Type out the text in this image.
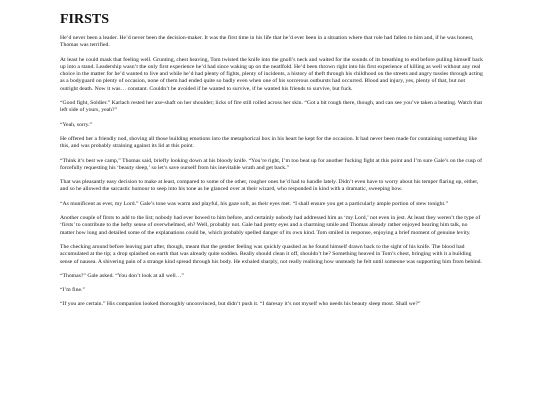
FIRSTS

He’d never been a leader. He’d never been the decision-maker. It was the first time in his life that he’d ever been in a situation where that role had fallen to him and, if he was honest, Thomas was terrified.

At least he could mask that feeling well. Grunting, chest heaving, Tom twisted the knife into the gnoll’s neck and waited for the sounds of its breathing to end before pulling himself back up into a stand. Leadership wasn’t the only first experience he’d had since waking up on the neatlfold. He’d been thrown right into his first experience of killing as well without any real choice in the matter for he’d wanted to live and while he’d had plenty of fights, plenty of incidents, a history of theft through his childhood on the streets and angry tussles through acting as a bodyguard on plenty of occasion, none of them had ended quite so badly even when one of his sorcerous outbursts had occurred. Blood and injury, yes, plenty of that, but not outright death. Now it was… constant. Couldn’t be avoided if he wanted to survive, if he wanted his friends to survive, but fuck.

“Good fight, Soldier.” Karlach rested her axe-shaft on her shoulder; licks of fire still rolled across her skin. “Got a bit rough there, though, and can see you’ve taken a beating. Watch that left side of yours, yeah?”

“Yeah, sorry.”

He offered her a friendly nod, shoving all those building emotions into the metaphorical box in his heart he kept for the occasion. It had never been made for containing something like this, and was probably straining against its lid at this point.

“Think it’s best we camp,” Thomas said, briefly looking down at his bloody knife. “You’re right, I’m too beat up for another fucking fight at this point and I’m sure Gale’s on the cusp of forcefully requesting his ‘beauty sleep,’ so let’s save ourself from his inevitable wrath and get back.”

That was pleasantly easy decision to make at least, compared to some of the other, rougher ones he’d had to handle lately. Didn’t even have to worry about his temper flaring up, either, and so he allowed the sarcastic humour to seep into his tone as he glanced over at their wizard, who responded in kind with a dramatic, sweeping bow.

“As munificent as ever, my Lord.” Gale’s tone was warm and playful, his gaze soft, as their eyes met. “I shall ensure you get a particularly ample portion of stew tonight.”

Another couple of firsts to add to the list; nobody had ever bowed to him before, and certainly nobody had addressed him as ‘my Lord,’ not even in jest. At least they weren’t the type of ‘firsts’ to contribute to the hefty sense of overwhelmed, eh? Well, probably not. Gale had pretty eyes and a charming smile and Thomas already rather enjoyed hearing him talk, no matter how long and detailed some of the explanations could be, which probably spelled danger of its own kind. Tom smiled in response, enjoying a brief moment of genuine levity.

The checking around before leaving part after, though, meant that the gentler feeling was quickly quashed as he found himself drawn back to the sight of his knife. The blood had accumulated at the tip; a drop splashed on earth that was already quite sodden. Really should clean it off, shouldn’t he? Something heaved in Tom’s chest, bringing with it a building sense of nausea. A shivering pain of a strange kind spread through his body. He exhaled sharply, not really realising how unsteady he felt until someone was supporting him from behind.

“Thomas?” Gale asked. “You don’t look at all well…”

“I’m fine.”

“If you are certain.” His companion looked thoroughly unconvinced, but didn’t push it. “I daresay it’s not myself who needs his beauty sleep most. Shall we?”
